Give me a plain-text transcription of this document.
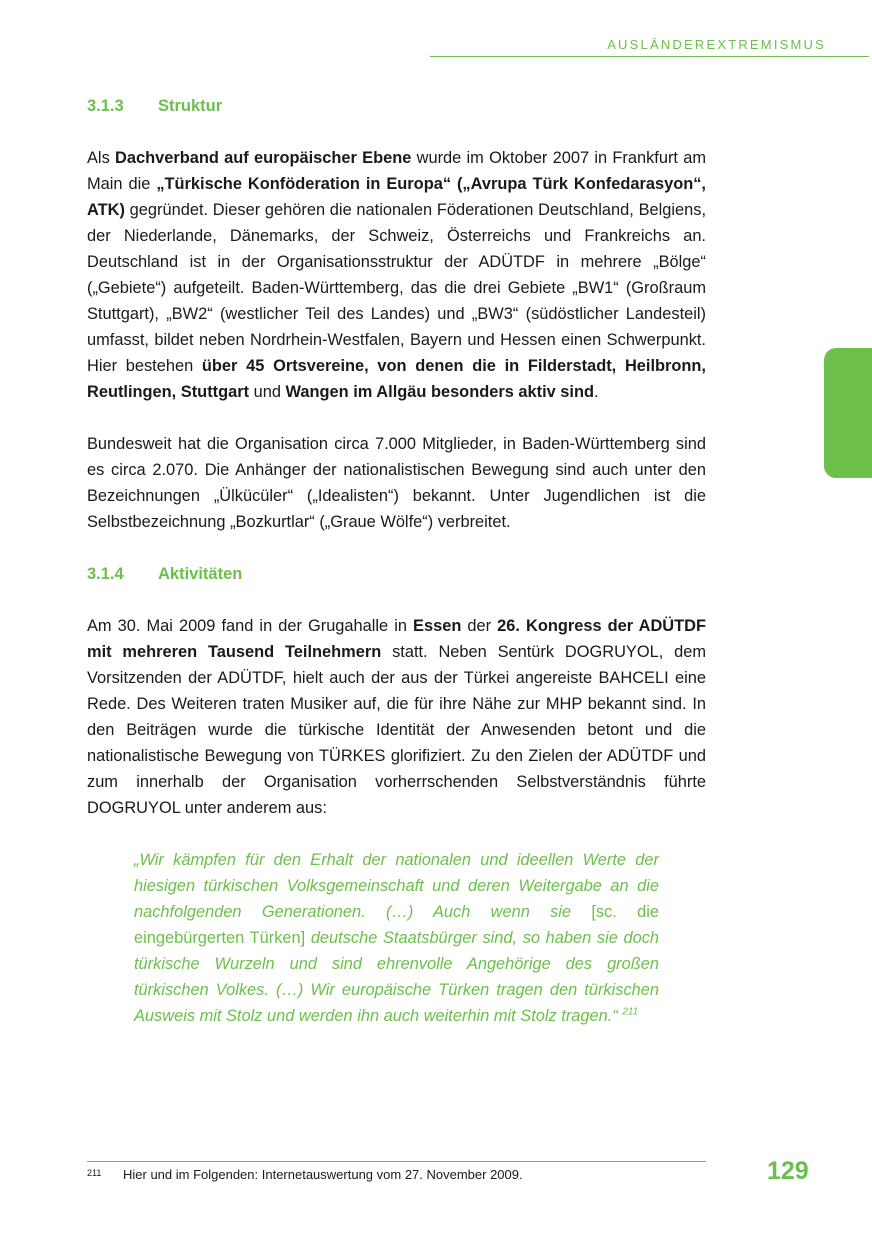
AUSLÄNDEREXTREMISMUS
3.1.3	Struktur

Als Dachverband auf europäischer Ebene wurde im Oktober 2007 in Frankfurt am Main die „Türkische Konföderation in Europa“ („Avrupa Türk Konfedarasyon“, ATK) gegründet. Dieser gehören die nationalen Föderationen Deutschland, Belgiens, der Niederlande, Dänemarks, der Schweiz, Österreichs und Frankreichs an. Deutschland ist in der Organisationsstruktur der ADÜTDF in mehrere „Bölge“ („Gebiete“) aufgeteilt. Baden-Württemberg, das die drei Gebiete „BW1“ (Großraum Stuttgart), „BW2“ (westlicher Teil des Landes) und „BW3“ (südöstlicher Landesteil) umfasst, bildet neben Nordrhein-Westfalen, Bayern und Hessen einen Schwerpunkt. Hier bestehen über 45 Ortsvereine, von denen die in Filderstadt, Heilbronn, Reutlingen, Stuttgart und Wangen im Allgäu besonders aktiv sind.

Bundesweit hat die Organisation circa 7.000 Mitglieder, in Baden-Württemberg sind es circa 2.070. Die Anhänger der nationalistischen Bewegung sind auch unter den Bezeichnungen „Ülkücüler“ („Idealisten“) bekannt. Unter Jugendlichen ist die Selbstbezeichnung „Bozkurtlar“ („Graue Wölfe“) verbreitet.

3.1.4	Aktivitäten

Am 30. Mai 2009 fand in der Grugahalle in Essen der 26. Kongress der ADÜTDF mit mehreren Tausend Teilnehmern statt. Neben Sentürk DOGRUYOL, dem Vorsitzenden der ADÜTDF, hielt auch der aus der Türkei angereiste BAHCELI eine Rede. Des Weiteren traten Musiker auf, die für ihre Nähe zur MHP bekannt sind. In den Beiträgen wurde die türkische Identität der Anwesenden betont und die nationalistische Bewegung von TÜRKES glorifiziert. Zu den Zielen der ADÜTDF und zum innerhalb der Organisation vorherrschenden Selbstverständnis führte DOGRUYOL unter anderem aus:

„Wir kämpfen für den Erhalt der nationalen und ideellen Werte der hiesigen türkischen Volksgemeinschaft und deren Weitergabe an die nachfolgenden Generationen. (…) Auch wenn sie [sc. die eingebürgerten Türken] deutsche Staatsbürger sind, so haben sie doch türkische Wurzeln und sind ehrenvolle Angehörige des großen türkischen Volkes. (…) Wir europäische Türken tragen den türkischen Ausweis mit Stolz und werden ihn auch weiterhin mit Stolz tragen.“ $^{211}$

211	Hier und im Folgenden: Internetauswertung vom 27. November 2009.	129
